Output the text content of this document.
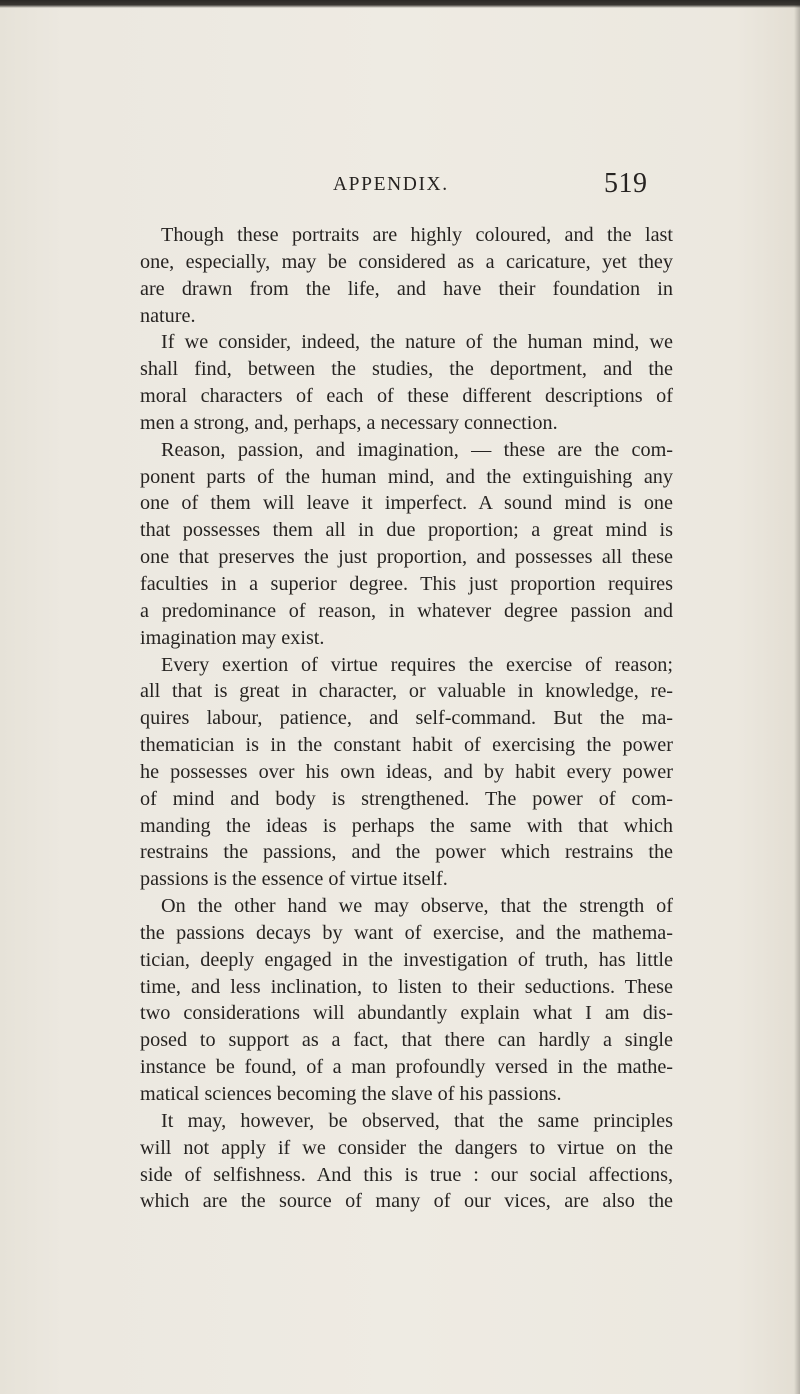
APPENDIX.	519
Though these portraits are highly coloured, and the last
one, especially, may be considered as a caricature, yet they
are drawn from the life, and have their foundation in
nature.
If we consider, indeed, the nature of the human mind, we
shall find, between the studies, the deportment, and the
moral characters of each of these different descriptions of
men a strong, and, perhaps, a necessary connection.
Reason, passion, and imagination, — these are the com-
ponent parts of the human mind, and the extinguishing any
one of them will leave it imperfect. A sound mind is one
that possesses them all in due proportion; a great mind is
one that preserves the just proportion, and possesses all these
faculties in a superior degree. This just proportion requires
a predominance of reason, in whatever degree passion and
imagination may exist.
Every exertion of virtue requires the exercise of reason;
all that is great in character, or valuable in knowledge, re-
quires labour, patience, and self-command. But the ma-
thematician is in the constant habit of exercising the power
he possesses over his own ideas, and by habit every power
of mind and body is strengthened. The power of com-
manding the ideas is perhaps the same with that which
restrains the passions, and the power which restrains the
passions is the essence of virtue itself.
On the other hand we may observe, that the strength of
the passions decays by want of exercise, and the mathema-
tician, deeply engaged in the investigation of truth, has little
time, and less inclination, to listen to their seductions. These
two considerations will abundantly explain what I am dis-
posed to support as a fact, that there can hardly a single
instance be found, of a man profoundly versed in the mathe-
matical sciences becoming the slave of his passions.
It may, however, be observed, that the same principles
will not apply if we consider the dangers to virtue on the
side of selfishness. And this is true : our social affections,
which are the source of many of our vices, are also the
